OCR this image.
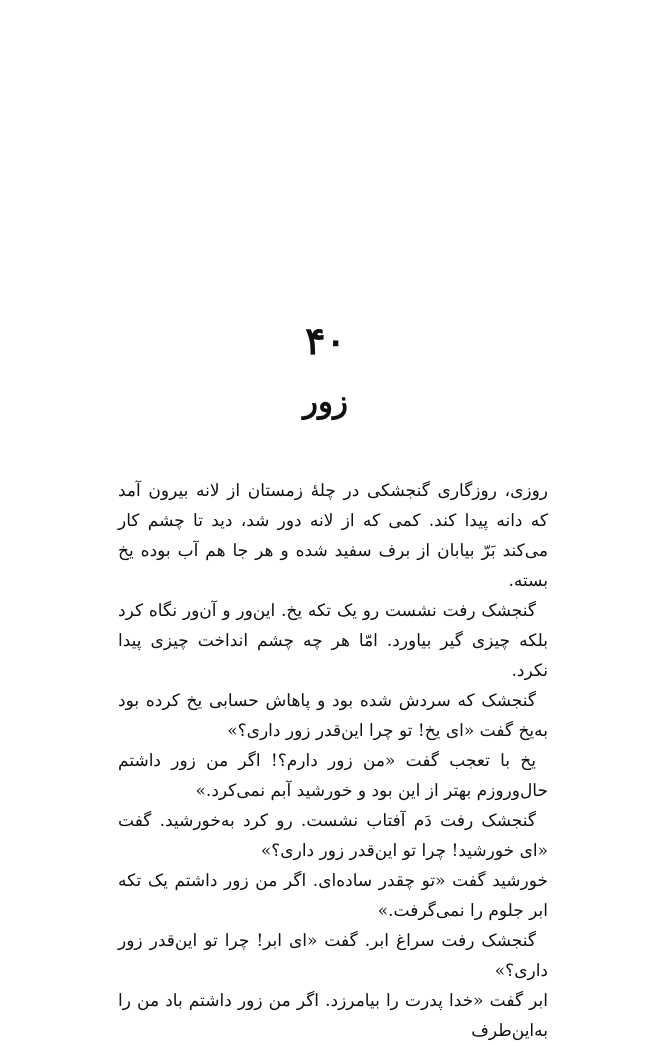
۴۰
زور

روزی، روزگاری گنجشکی در چلهٔ زمستان از لانه بیرون آمد که دانه پیدا کند. کمی که از لانه دور شد، دید تا چشم کار می‌کند بَرّ بیابان از برف سفید شده و هر جا هم آب بوده یخ بسته.

گنجشک رفت نشست رو یک تکه یخ. این‌ور و آن‌ور نگاه کرد بلکه چیزی گیر بیاورد. امّا هر چه چشم انداخت چیزی پیدا نکرد.

گنجشک که سردش شده بود و پاهاش حسابی یخ کرده بود به‌یخ گفت «ای یخ! تو چرا این‌قدر زور داری؟»

یخ با تعجب گفت «من زور دارم؟! اگر من زور داشتم حال‌وروزم بهتر از این بود و خورشید آبم نمی‌کرد.»

گنجشک رفت دَم آفتاب نشست. رو کرد به‌خورشید. گفت «ای خورشید! چرا تو این‌قدر زور داری؟»

خورشید گفت «تو چقدر ساده‌ای. اگر من زور داشتم یک تکه ابر جلوم را نمی‌گرفت.»

گنجشک رفت سراغ ابر. گفت «ای ابر! چرا تو این‌قدر زور داری؟»

ابر گفت «خدا پدرت را بیامرزد. اگر من زور داشتم باد من را به‌این‌طرف
